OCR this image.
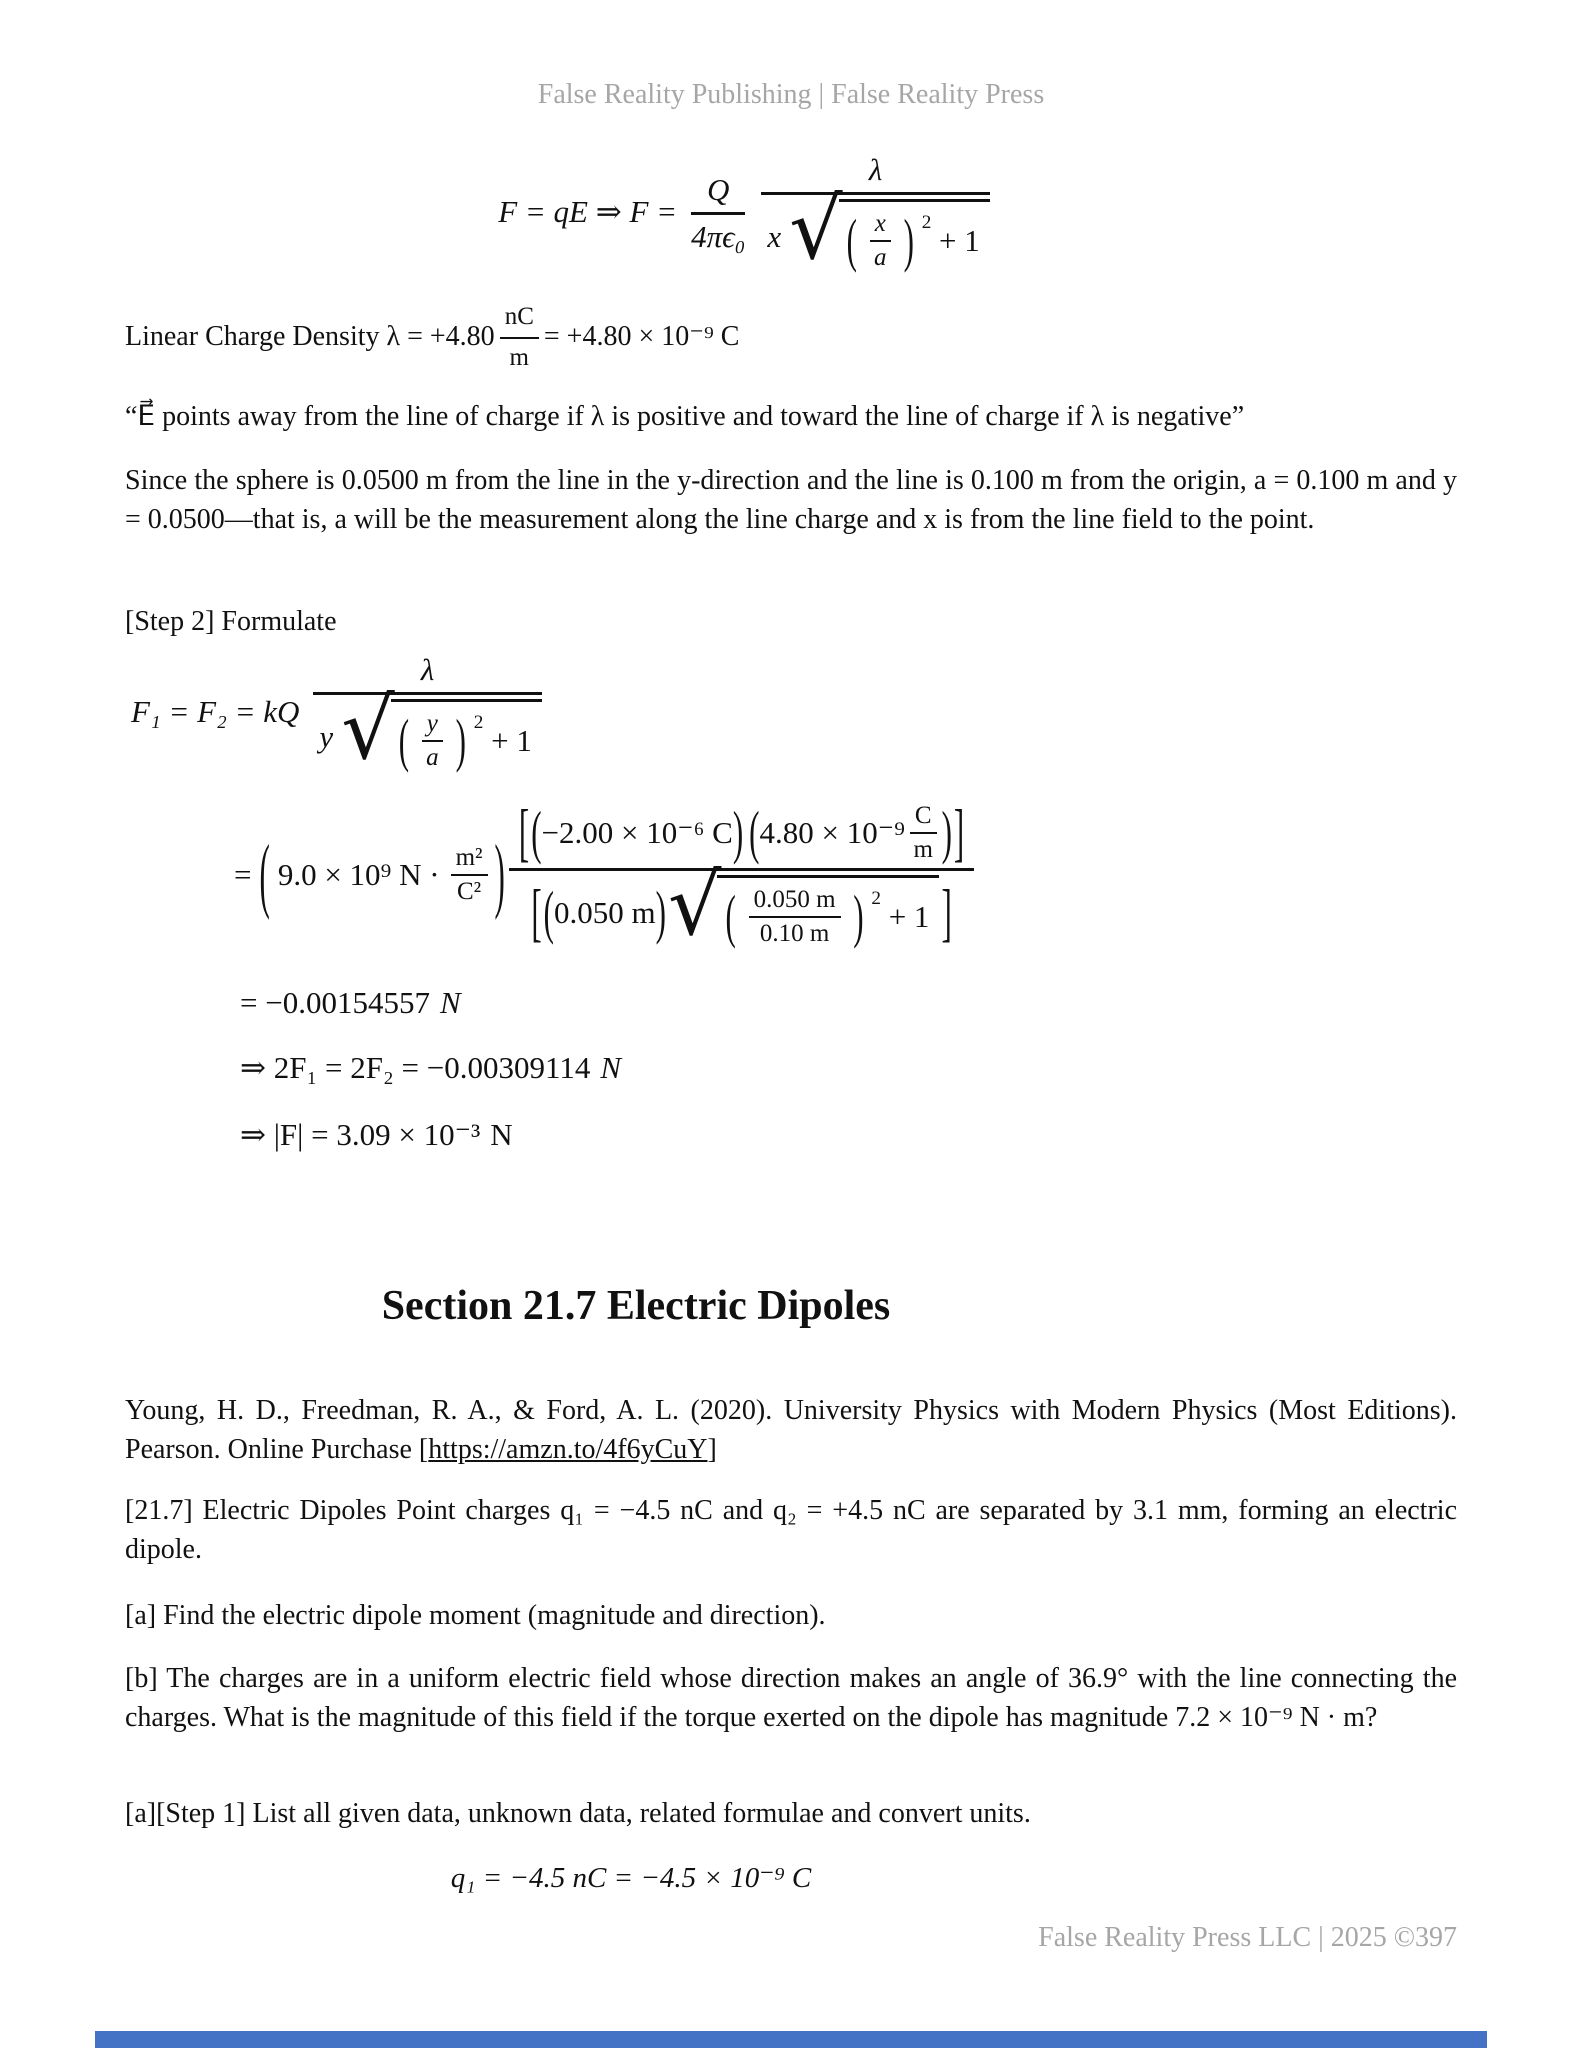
False Reality Publishing | False Reality Press
F = qE ⇒ $F = \frac{Q}{\text{4πϵ₀}}$	λ
x √ ( $\frac{x}{a}$ ) $^2$ + 1
Linear Charge Density $\lambda = +4.80 \frac{nC}{m} = +4.80 \times 10^{-9}$ C
“E⃗ points away from the line of charge if λ is positive and toward the line of charge if λ is negative”
Since the sphere is 0.0500 m from the line in the y-direction and the line is 0.100 m from the origin, a = 0.100 m and y = 0.0500—that is, a will be the measurement along the line charge and x is from the line field to the point.
[Step 2] Formulate
F₁ = F₂ = kQ
λ
y √ ( $\frac{y}{a}$ ) $^2$ + 1
= ( 9.0 × 10⁹ N · m²
C² ) [ ( −2.00 × 10⁻⁶ C ) ( 4.80 × 10⁻⁹ C
m ) ]
[ ( 0.050 m ) √ ( $\frac{0.050 m}{0.10 m}$ ) $^2$ + 1 ]
= −0.00154557 N
⇒ 2F₁ = 2F₂ = −0.00309114 N
⇒ |F| = 3.09 × 10⁻³ N
Section 21.7 Electric Dipoles
Young, H. D., Freedman, R. A., & Ford, A. L. (2020). University Physics with Modern Physics (Most Editions). Pearson. Online Purchase [https://amzn.to/4f6yCuY]
[21.7] Electric Dipoles Point charges q₁ = −4.5 nC and q₂ = +4.5 nC are separated by 3.1 mm, forming an electric dipole.
[a] Find the electric dipole moment (magnitude and direction).
[b] The charges are in a uniform electric field whose direction makes an angle of 36.9° with the line connecting the charges. What is the magnitude of this field if the torque exerted on the dipole has magnitude 7.2 × 10⁻⁹ N · m?
[a][Step 1] List all given data, unknown data, related formulae and convert units.
q₁ = −4.5 nC = −4.5 × 10⁻⁹ C
False Reality Press LLC | 2025 ©397
